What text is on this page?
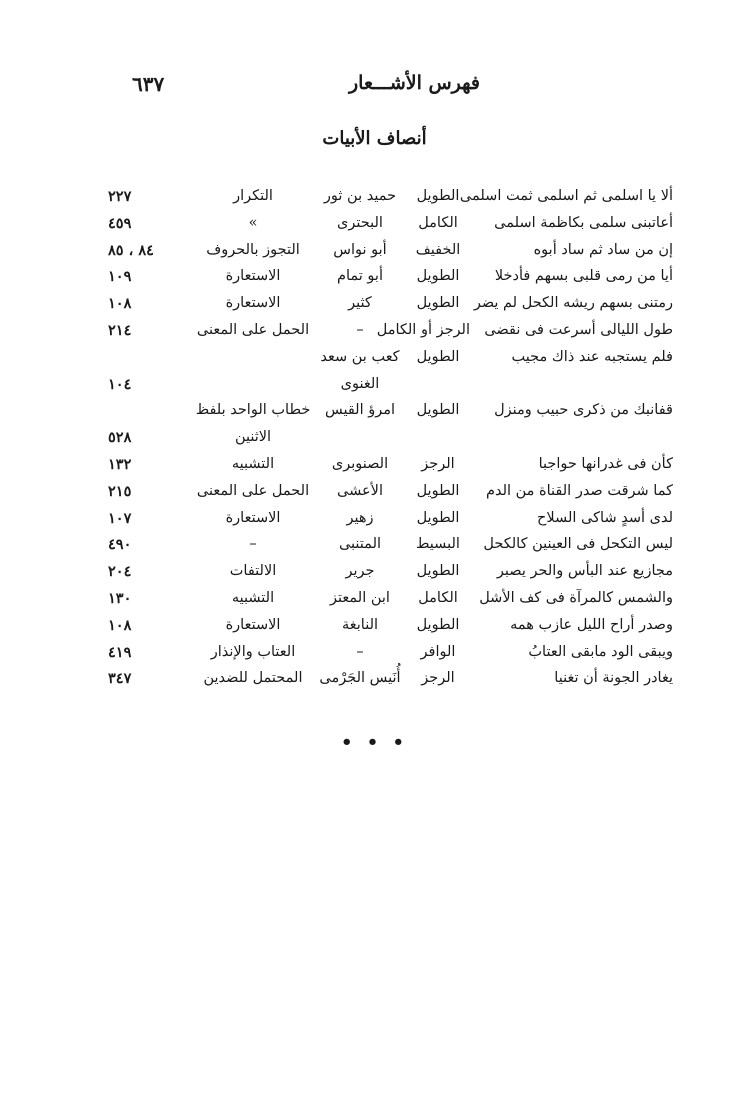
٦٣٧	فهرس الأشـــعار
أنصاف الأبيات
ألا يا اسلمى ثم اسلمى ثمت اسلمى
الطويل
حميد بن ثور
التكرار
٢٢٧
أعاتبنى سلمى بكاظمة اسلمى
الكامل
البحترى
»
٤٥٩
إن من ساد ثم ساد أبوه
الخفيف
أبو نواس
التجوز بالحروف
٨٤ ، ٨٥
أيا من رمى قلبى بسهم فأدخلا
الطويل
أبو تمام
الاستعارة
١٠٩
رمتنى بسهم ريشه الكحل لم يضر
الطويل
كثير
الاستعارة
١٠٨
طول الليالى أسرعت فى نقضى
الرجز أو الكامل
–
الحمل على المعنى
٢١٤
فلم يستجبه عند ذاك مجيب
الطويل
كعب بن سعد
الغنوى
١٠٤
قفانبك من ذكرى حبيب ومنزل
الطويل
امرؤ القيس
خطاب الواحد بلفظ
الاثنين
٥٢٨
كأن فى غدرانها حواجبا
الرجز
الصنوبرى
التشبيه
١٣٢
كما شرقت صدر القناة من الدم
الطويل
الأعشى
الحمل على المعنى
٢١٥
لدى أسدٍ شاكى السلاح
الطويل
زهير
الاستعارة
١٠٧
ليس التكحل فى العينين كالكحل
البسيط
المتنبى
–
٤٩٠
مجازيع عند البأس والحر يصبر
الطويل
جرير
الالتفات
٢٠٤
والشمس كالمرآة فى كف الأشل
الكامل
ابن المعتز
التشبيه
١٣٠
وصدر أراح الليل عازب همه
الطويل
النابغة
الاستعارة
١٠٨
ويبقى الود مابقى العتابُ
الوافر
–
العتاب والإنذار
٤١٩
يغادر الجونة أن تغنيا
الرجز
أُنَيس الجَرْمى
المحتمل للضدين
٣٤٧
• • •
